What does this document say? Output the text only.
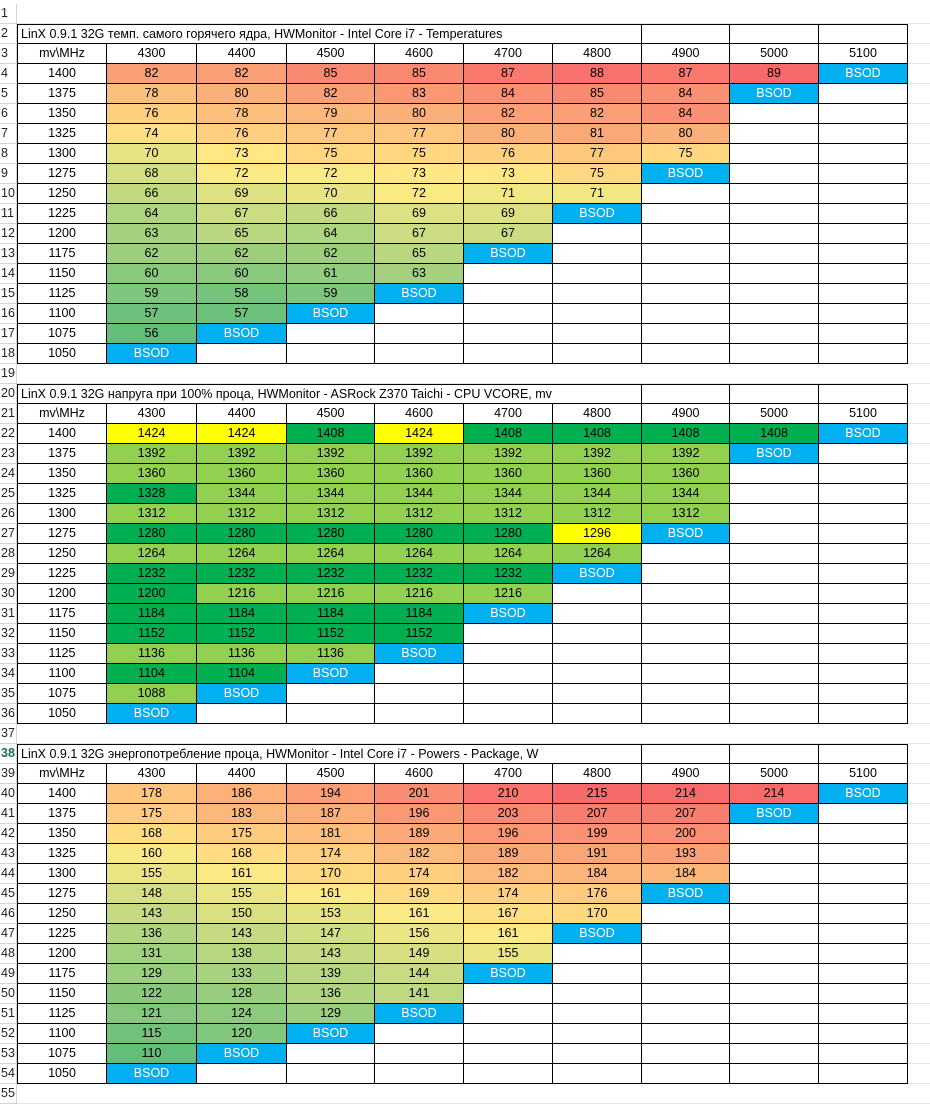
1
2
3
4
5
6
7
8
9
10
11
12
13
14
15
16
17
18
19
20
21
22
23
24
25
26
27
28
29
30
31
32
33
34
35
36
37
38
39
40
41
42
43
44
45
46
47
48
49
50
51
52
53
54
55
LinX 0.9.1 32G темп. самого горячего ядра, HWMonitor - Intel Core i7 - Temperatures
mv\MHz	4300	4400	4500	4600	4700	4800	4900	5000	5100
1400	82	82	85	85	87	88	87	89	BSOD
1375	78	80	82	83	84	85	84	BSOD
1350	76	78	79	80	82	82	84
1325	74	76	77	77	80	81	80
1300	70	73	75	75	76	77	75
1275	68	72	72	73	73	75	BSOD
1250	66	69	70	72	71	71
1225	64	67	66	69	69	BSOD
1200	63	65	64	67	67
1175	62	62	62	65	BSOD
1150	60	60	61	63
1125	59	58	59	BSOD
1100	57	57	BSOD
1075	56	BSOD
1050	BSOD
LinX 0.9.1 32G напруга при 100% проца, HWMonitor - ASRock Z370 Taichi - CPU VCORE, mv
mv\MHz	4300	4400	4500	4600	4700	4800	4900	5000	5100
1400	1424	1424	1408	1424	1408	1408	1408	1408	BSOD
1375	1392	1392	1392	1392	1392	1392	1392	BSOD
1350	1360	1360	1360	1360	1360	1360	1360
1325	1328	1344	1344	1344	1344	1344	1344
1300	1312	1312	1312	1312	1312	1312	1312
1275	1280	1280	1280	1280	1280	1296	BSOD
1250	1264	1264	1264	1264	1264	1264
1225	1232	1232	1232	1232	1232	BSOD
1200	1200	1216	1216	1216	1216
1175	1184	1184	1184	1184	BSOD
1150	1152	1152	1152	1152
1125	1136	1136	1136	BSOD
1100	1104	1104	BSOD
1075	1088	BSOD
1050	BSOD
LinX 0.9.1 32G энергопотребление проца, HWMonitor - Intel Core i7 - Powers - Package, W
mv\MHz	4300	4400	4500	4600	4700	4800	4900	5000	5100
1400	178	186	194	201	210	215	214	214	BSOD
1375	175	183	187	196	203	207	207	BSOD
1350	168	175	181	189	196	199	200
1325	160	168	174	182	189	191	193
1300	155	161	170	174	182	184	184
1275	148	155	161	169	174	176	BSOD
1250	143	150	153	161	167	170
1225	136	143	147	156	161	BSOD
1200	131	138	143	149	155
1175	129	133	139	144	BSOD
1150	122	128	136	141
1125	121	124	129	BSOD
1100	115	120	BSOD
1075	110	BSOD
1050	BSOD
